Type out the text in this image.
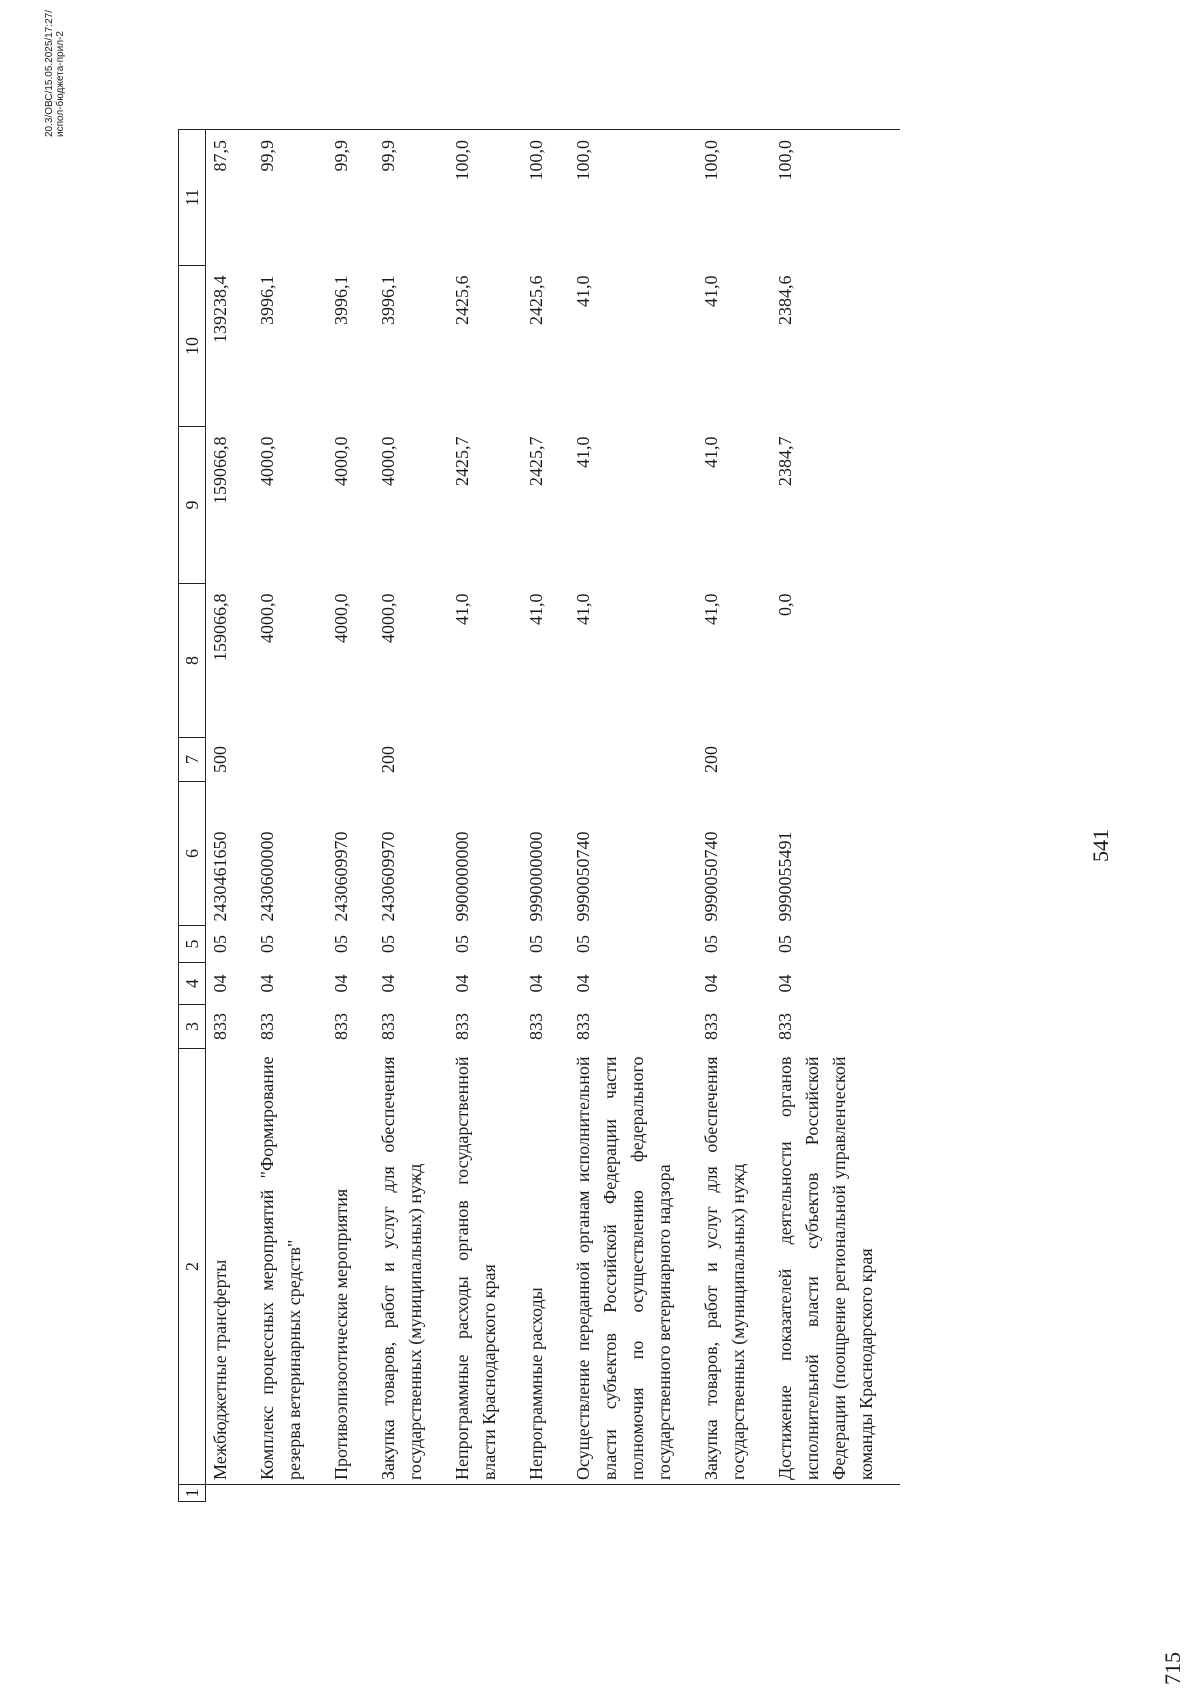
541
715
20.3/ОВС/15.05.2025/17:27/испол-бюджета-прил-2
1	2	3	4	5	6	7	8	9	10	11
	Межбюджетные трансферты	833	04	05	2430461650	500	159066,8	159066,8	139238,4	87,5
	Комплекс процессных мероприятий "Формирование резерва ветеринарных средств"	833	04	05	2430600000		4000,0	4000,0	3996,1	99,9
	Противоэпизоотические мероприятия	833	04	05	2430609970		4000,0	4000,0	3996,1	99,9
	Закупка товаров, работ и услуг для обеспечения государственных (муниципальных) нужд	833	04	05	2430609970	200	4000,0	4000,0	3996,1	99,9
	Непрограммные расходы органов государственной власти Краснодарского края	833	04	05	9900000000		41,0	2425,7	2425,6	100,0
	Непрограммные расходы	833	04	05	9990000000		41,0	2425,7	2425,6	100,0
	Осуществление переданной органам исполнительной власти субъектов Российской Федерации части полномочия по осуществлению федерального государственного ветеринарного надзора	833	04	05	9990050740		41,0	41,0	41,0	100,0
	Закупка товаров, работ и услуг для обеспечения государственных (муниципальных) нужд	833	04	05	9990050740	200	41,0	41,0	41,0	100,0
	Достижение показателей деятельности органов исполнительной власти субъектов Российской Федерации (поощрение региональной управленческой команды Краснодарского края	833	04	05	9990055491		0,0	2384,7	2384,6	100,0
